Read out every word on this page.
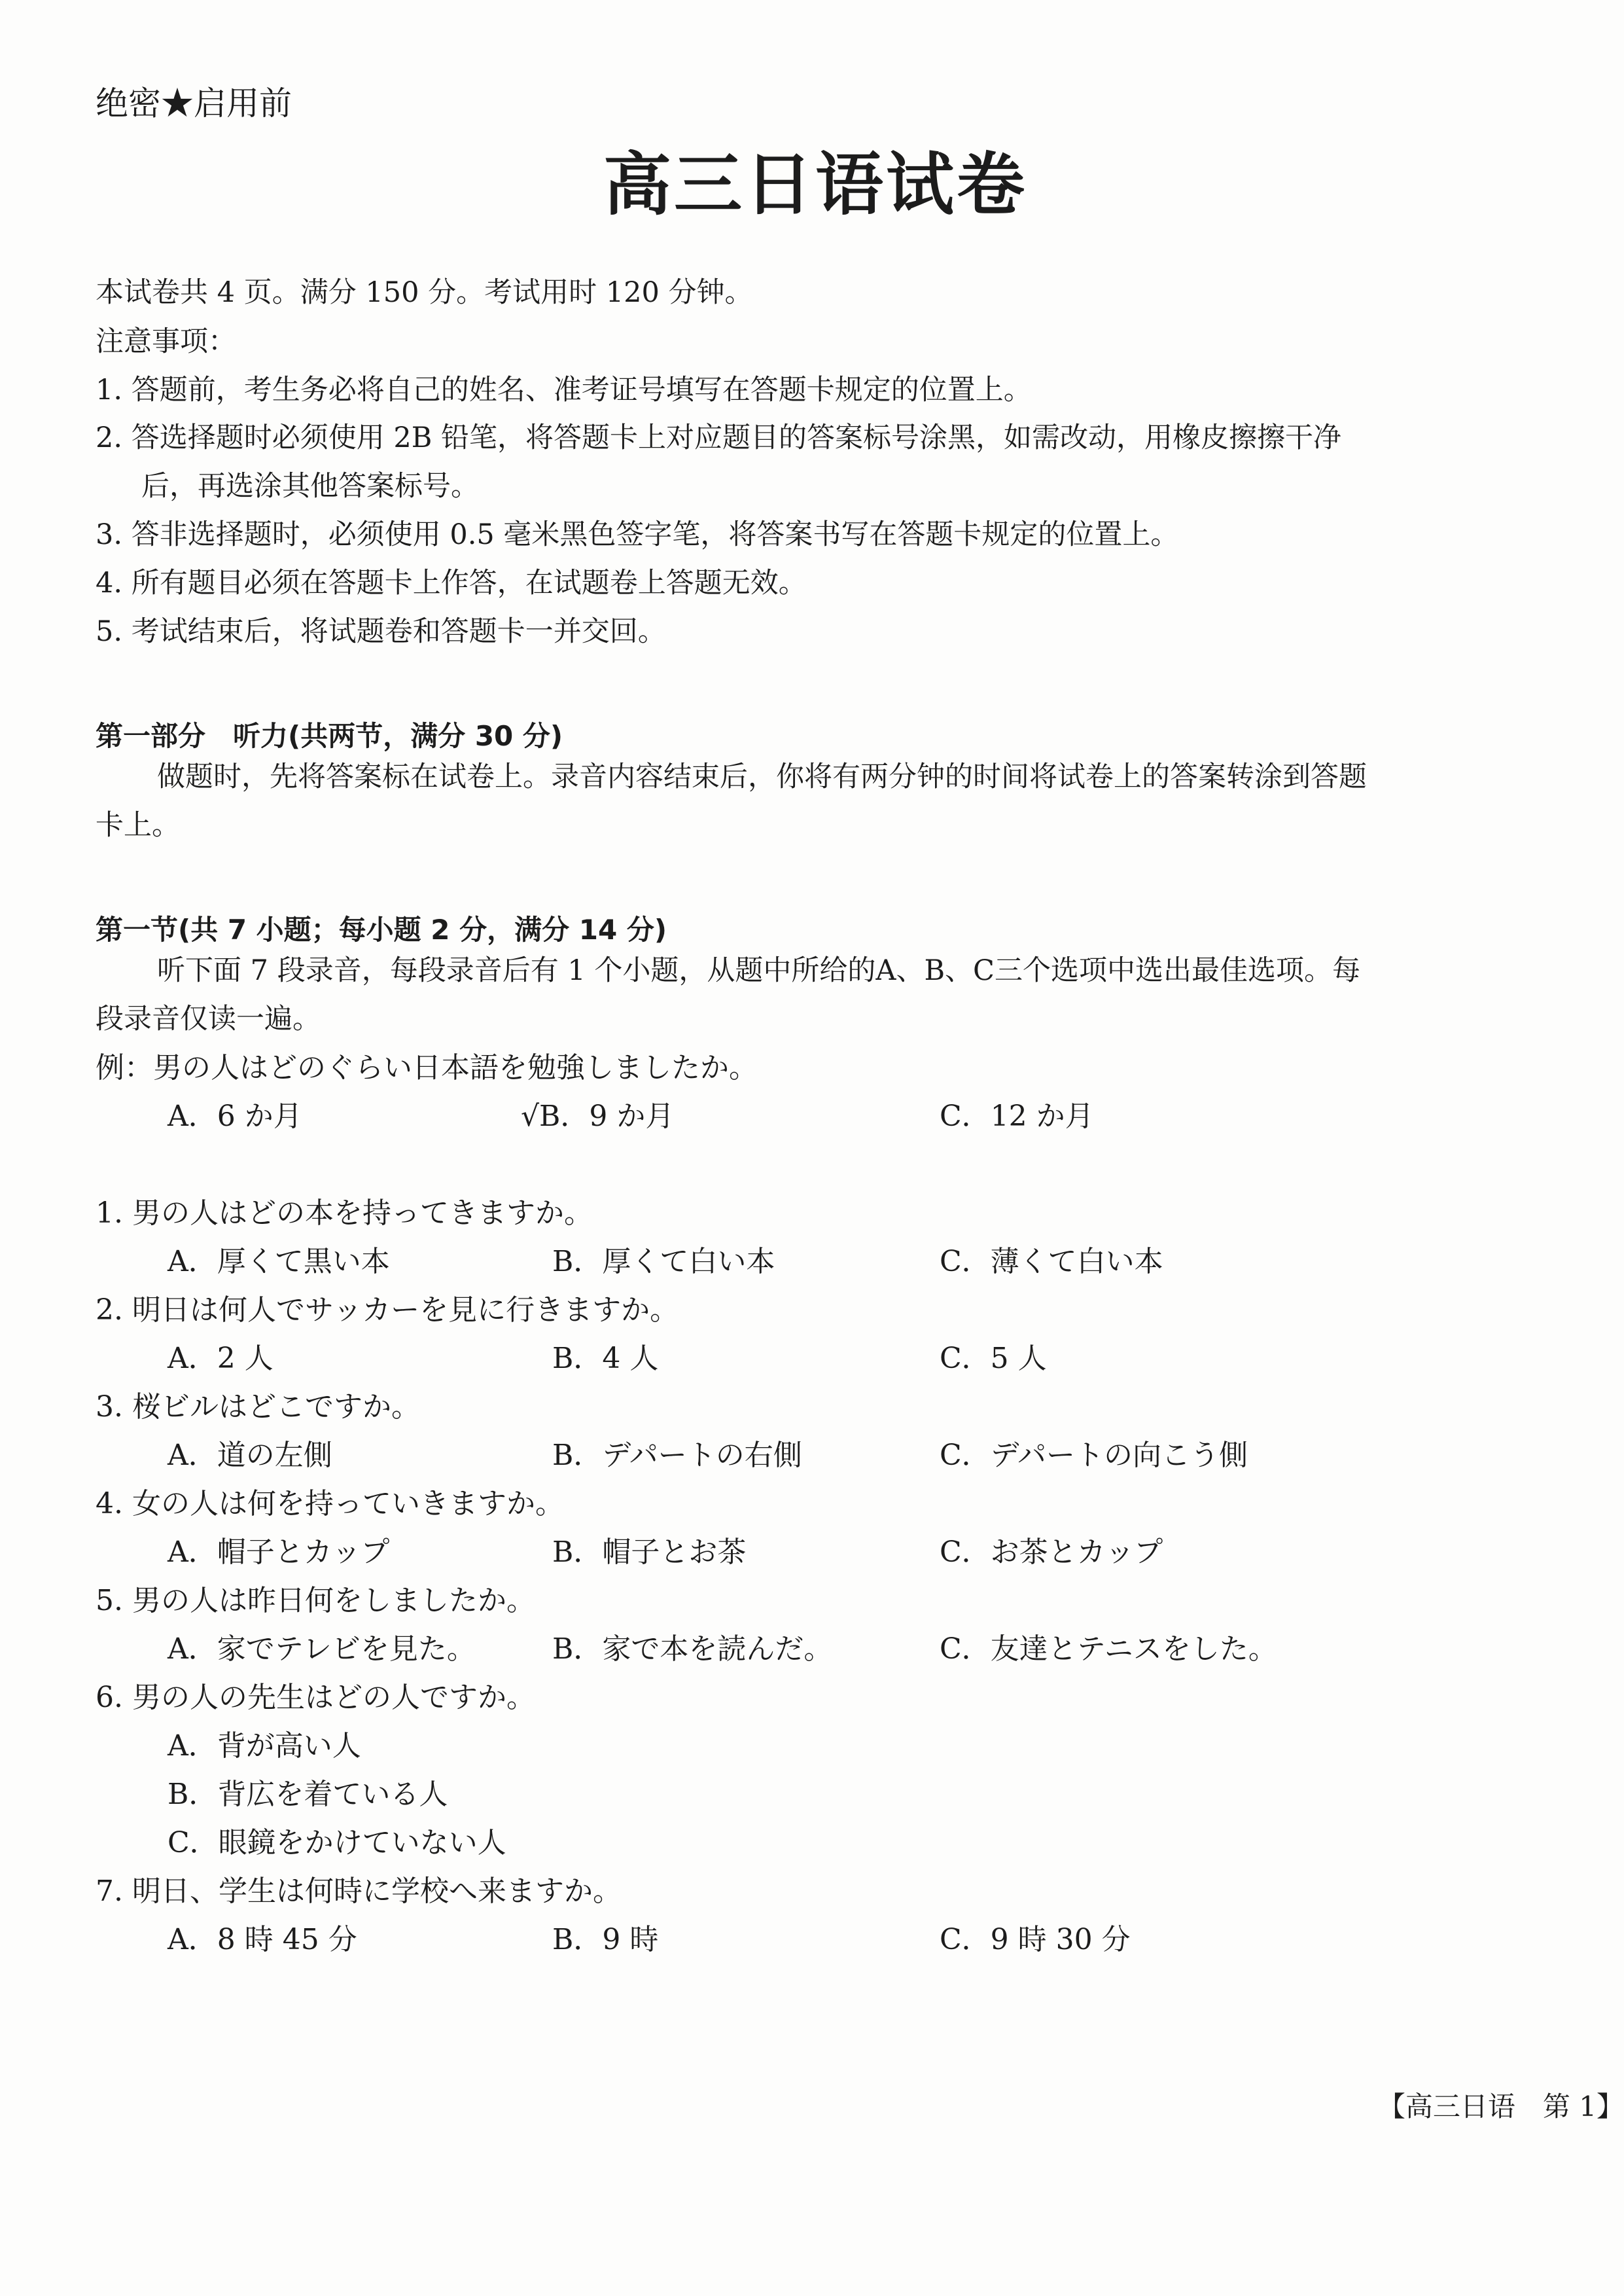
绝密★启用前
高三日语试卷
本试卷共 4 页。满分 150 分。考试用时 120 分钟。
注意事项：
1. 答题前，考生务必将自己的姓名、准考证号填写在答题卡规定的位置上。
2. 答选择题时必须使用 2B 铅笔，将答题卡上对应题目的答案标号涂黑，如需改动，用橡皮擦擦干净
后，再选涂其他答案标号。
3. 答非选择题时，必须使用 0.5 毫米黑色签字笔，将答案书写在答题卡规定的位置上。
4. 所有题目必须在答题卡上作答，在试题卷上答题无效。
5. 考试结束后，将试题卷和答题卡一并交回。
第一部分　听力(共两节，满分 30 分)
做题时，先将答案标在试卷上。录音内容结束后，你将有两分钟的时间将试卷上的答案转涂到答题
卡上。
第一节(共 7 小题；每小题 2 分，满分 14 分)
听下面 7 段录音，每段录音后有 1 个小题，从题中所给的A、B、C三个选项中选出最佳选项。每
段录音仅读一遍。
例：男の人はどのぐらい日本語を勉強しましたか。
A．6 か月	√B．9 か月	C．12 か月
1. 男の人はどの本を持ってきますか。
A．厚くて黒い本	B．厚くて白い本	C．薄くて白い本
2. 明日は何人でサッカーを見に行きますか。
A．2 人	B．4 人	C．5 人
3. 桜ビルはどこですか。
A．道の左側	B．デパートの右側	C．デパートの向こう側
4. 女の人は何を持っていきますか。
A．帽子とカップ	B．帽子とお茶	C．お茶とカップ
5. 男の人は昨日何をしましたか。
A．家でテレビを見た。	B．家で本を読んだ。	C．友達とテニスをした。
6. 男の人の先生はどの人ですか。
A．背が高い人
B．背広を着ている人
C．眼鏡をかけていない人
7. 明日、学生は何時に学校へ来ますか。
A．8 時 45 分	B．9 時	C．9 時 30 分
【高三日语　第 1】
